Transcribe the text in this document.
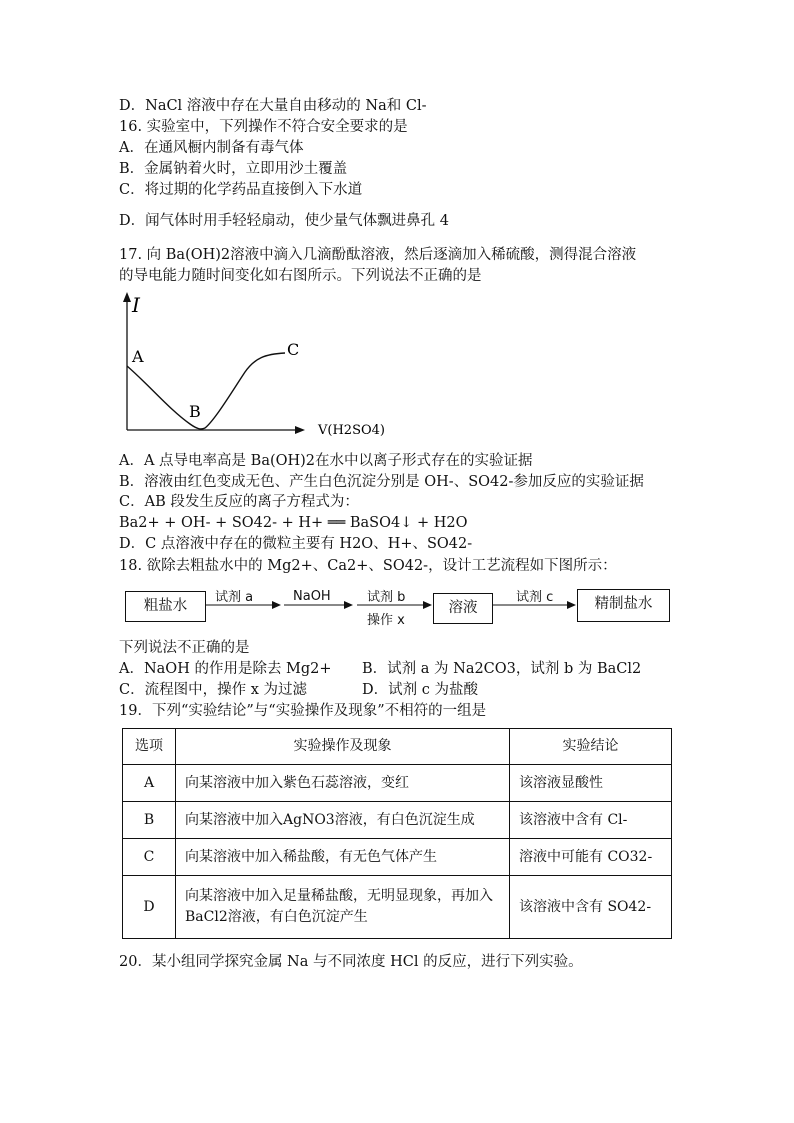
D．NaCl 溶液中存在大量自由移动的 Na和 Cl-
16. 实验室中，下列操作不符合安全要求的是
A．在通风橱内制备有毒气体
B．金属钠着火时，立即用沙土覆盖
C．将过期的化学药品直接倒入下水道
D．闻气体时用手轻轻扇动，使少量气体飘进鼻孔 4
17. 向 Ba(OH)2溶液中滴入几滴酚酞溶液，然后逐滴加入稀硫酸，测得混合溶液
的导电能力随时间变化如右图所示。下列说法不正确的是
I
A
B
C
V(H2SO4)
A．A 点导电率高是 Ba(OH)2在水中以离子形式存在的实验证据
B．溶液由红色变成无色、产生白色沉淀分别是 OH-、SO42-参加反应的实验证据
C．AB 段发生反应的离子方程式为：
Ba2+ + OH- + SO42- + H+ ══ BaSO4↓ + H2O
D．C 点溶液中存在的微粒主要有 H2O、H+、SO42-
18. 欲除去粗盐水中的 Mg2+、Ca2+、SO42-，设计工艺流程如下图所示：
粗盐水	溶液	精制盐水
试剂 a	NaOH	试剂 b
操作 x
试剂 c
下列说法不正确的是
A．NaOH 的作用是除去 Mg2+ B．试剂 a 为 Na2CO3，试剂 b 为 BaCl2
C．流程图中，操作 x 为过滤	D．试剂 c 为盐酸
19．下列“实验结论”与“实验操作及现象”不相符的一组是
选项	实验操作及现象	实验结论
A	向某溶液中加入紫色石蕊溶液，变红	该溶液显酸性
B	向某溶液中加入AgNO3溶液，有白色沉淀生成	该溶液中含有 Cl-
C	向某溶液中加入稀盐酸，有无色气体产生	溶液中可能有 CO32-
D	向某溶液中加入足量稀盐酸，无明显现象，再加入 BaCl2溶液，有白色沉淀产生	该溶液中含有 SO42-
20．某小组同学探究金属 Na 与不同浓度 HCl 的反应，进行下列实验。
